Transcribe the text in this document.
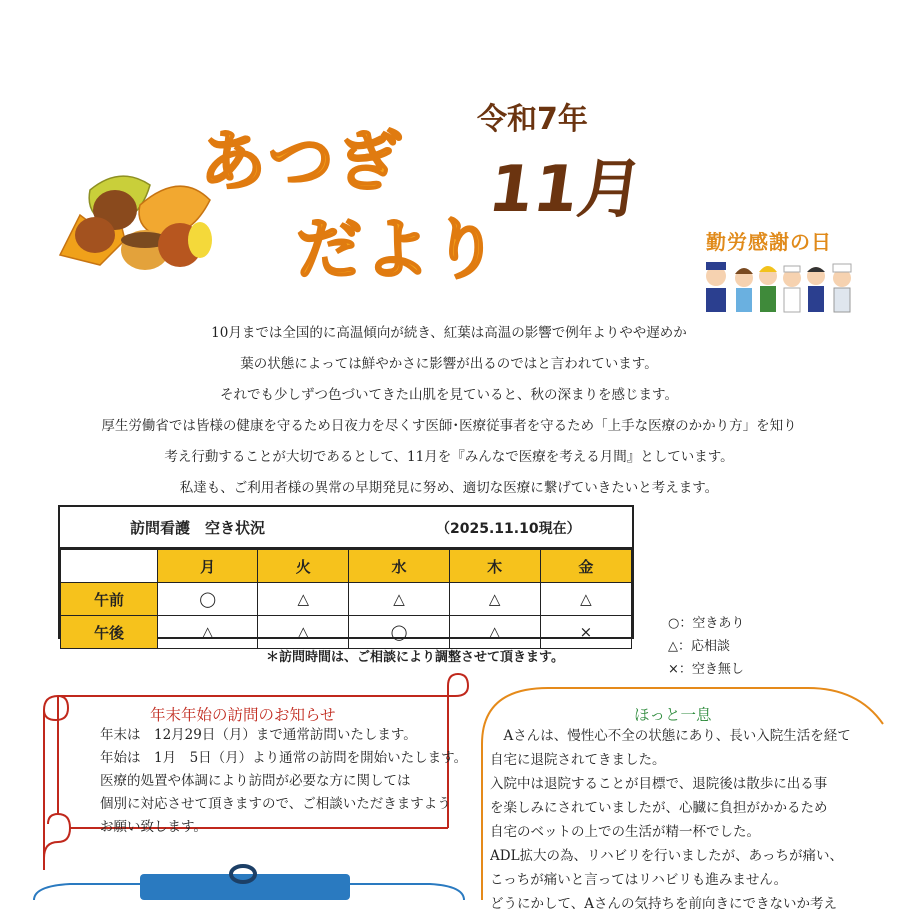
あつぎ
だより
令和7年
11月
勤労感謝の日

10月までは全国的に高温傾向が続き、紅葉は高温の影響で例年よりやや遅めか

葉の状態によっては鮮やかさに影響が出るのではと言われています。

それでも少しずつ色づいてきた山肌を見ていると、秋の深まりを感じます。

厚生労働省では皆様の健康を守るため日夜力を尽くす医師･医療従事者を守るため「上手な医療のかかり方」を知り

考え行動することが大切であるとして、11月を『みんなで医療を考える月間』としています。

私達も、ご利用者様の異常の早期発見に努め、適切な医療に繋げていきたいと考えます。

訪問看護　空き状況	（2025.11.10現在）
	月	火	水	木	金
午前	◯	△	△	△	△
午後	△	△	◯	△	×
＊訪問時間は、ご相談により調整させて頂きます。
○：空きあり
△：応相談
×：空き無し
年末年始の訪問のお知らせ
年末は　12月29日（月）まで通常訪問いたします。
年始は　1月　5日（月）より通常の訪問を開始いたします。
医療的処置や体調により訪問が必要な方に関しては
個別に対応させて頂きますので、ご相談いただきますよう
お願い致します。
ほっと一息
　Aさんは、慢性心不全の状態にあり、長い入院生活を経て
自宅に退院されてきました。
入院中は退院することが目標で、退院後は散歩に出る事
を楽しみにされていましたが、心臓に負担がかかるため
自宅のベットの上での生活が精一杯でした。
ADL拡大の為、リハビリを行いましたが、あっちが痛い、
こっちが痛いと言ってはリハビリも進みません。
どうにかして、Aさんの気持ちを前向きにできないか考え
